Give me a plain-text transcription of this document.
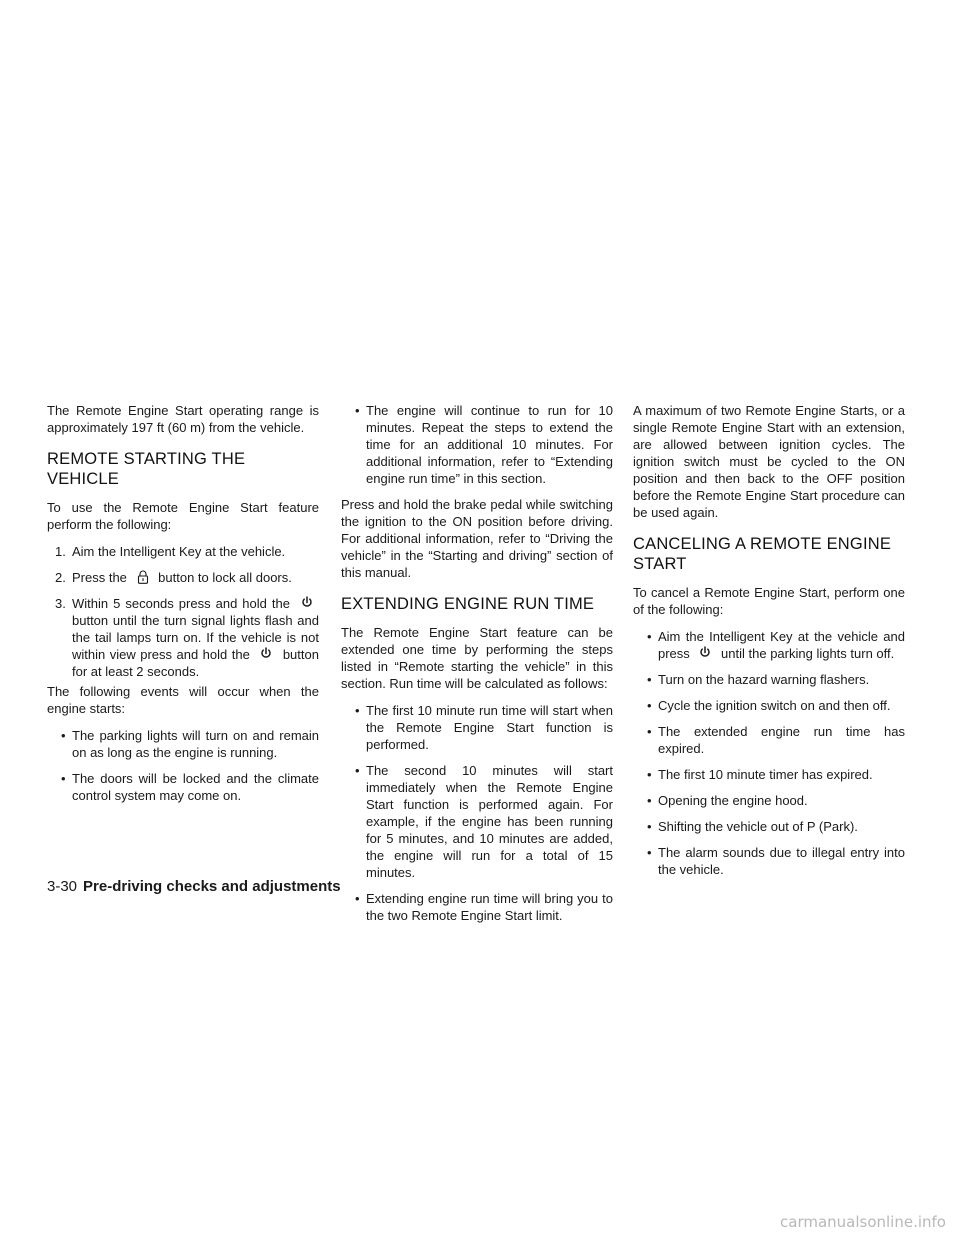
The Remote Engine Start operating range is approximately 197 ft (60 m) from the vehicle.

REMOTE STARTING THE VEHICLE

To use the Remote Engine Start feature perform the following:

1. Aim the Intelligent Key at the vehicle.
2. Press the button to lock all doors.
3. Within 5 seconds press and hold the  button until the turn signal lights flash and the tail lamps turn on. If the vehicle is not within view press and hold the	button for at least 2 seconds.

The following events will occur when the engine starts:

• The parking lights will turn on and remain on as long as the engine is running.
• The doors will be locked and the climate control system may come on.
• The engine will continue to run for 10 minutes. Repeat the steps to extend the time for an additional 10 minutes. For additional information, refer to “Extending engine run time” in this section.

Press and hold the brake pedal while switching the ignition to the ON position before driving. For additional information, refer to “Driving the vehicle” in the “Starting and driving” section of this manual.

EXTENDING ENGINE RUN TIME

The Remote Engine Start feature can be extended one time by performing the steps listed in “Remote starting the vehicle” in this section. Run time will be calculated as follows:

• The first 10 minute run time will start when the Remote Engine Start function is performed.
• The second 10 minutes will start immediately when the Remote Engine Start function is performed again. For example, if the engine has been running for 5 minutes, and 10 minutes are added, the engine will run for a total of 15 minutes.
• Extending engine run time will bring you to the two Remote Engine Start limit.

A maximum of two Remote Engine Starts, or a single Remote Engine Start with an extension, are allowed between ignition cycles. The ignition switch must be cycled to the ON position and then back to the OFF position before the Remote Engine Start procedure can be used again.

CANCELING A REMOTE ENGINE START

To cancel a Remote Engine Start, perform one of the following:

• Aim the Intelligent Key at the vehicle and press until the parking lights turn off.
• Turn on the hazard warning flashers.
• Cycle the ignition switch on and then off.
• The extended engine run time has expired.
• The first 10 minute timer has expired.
• Opening the engine hood.
• Shifting the vehicle out of P (Park).
• The alarm sounds due to illegal entry into the vehicle.
3-30 Pre-driving checks and adjustments
carmanualsonline.info
